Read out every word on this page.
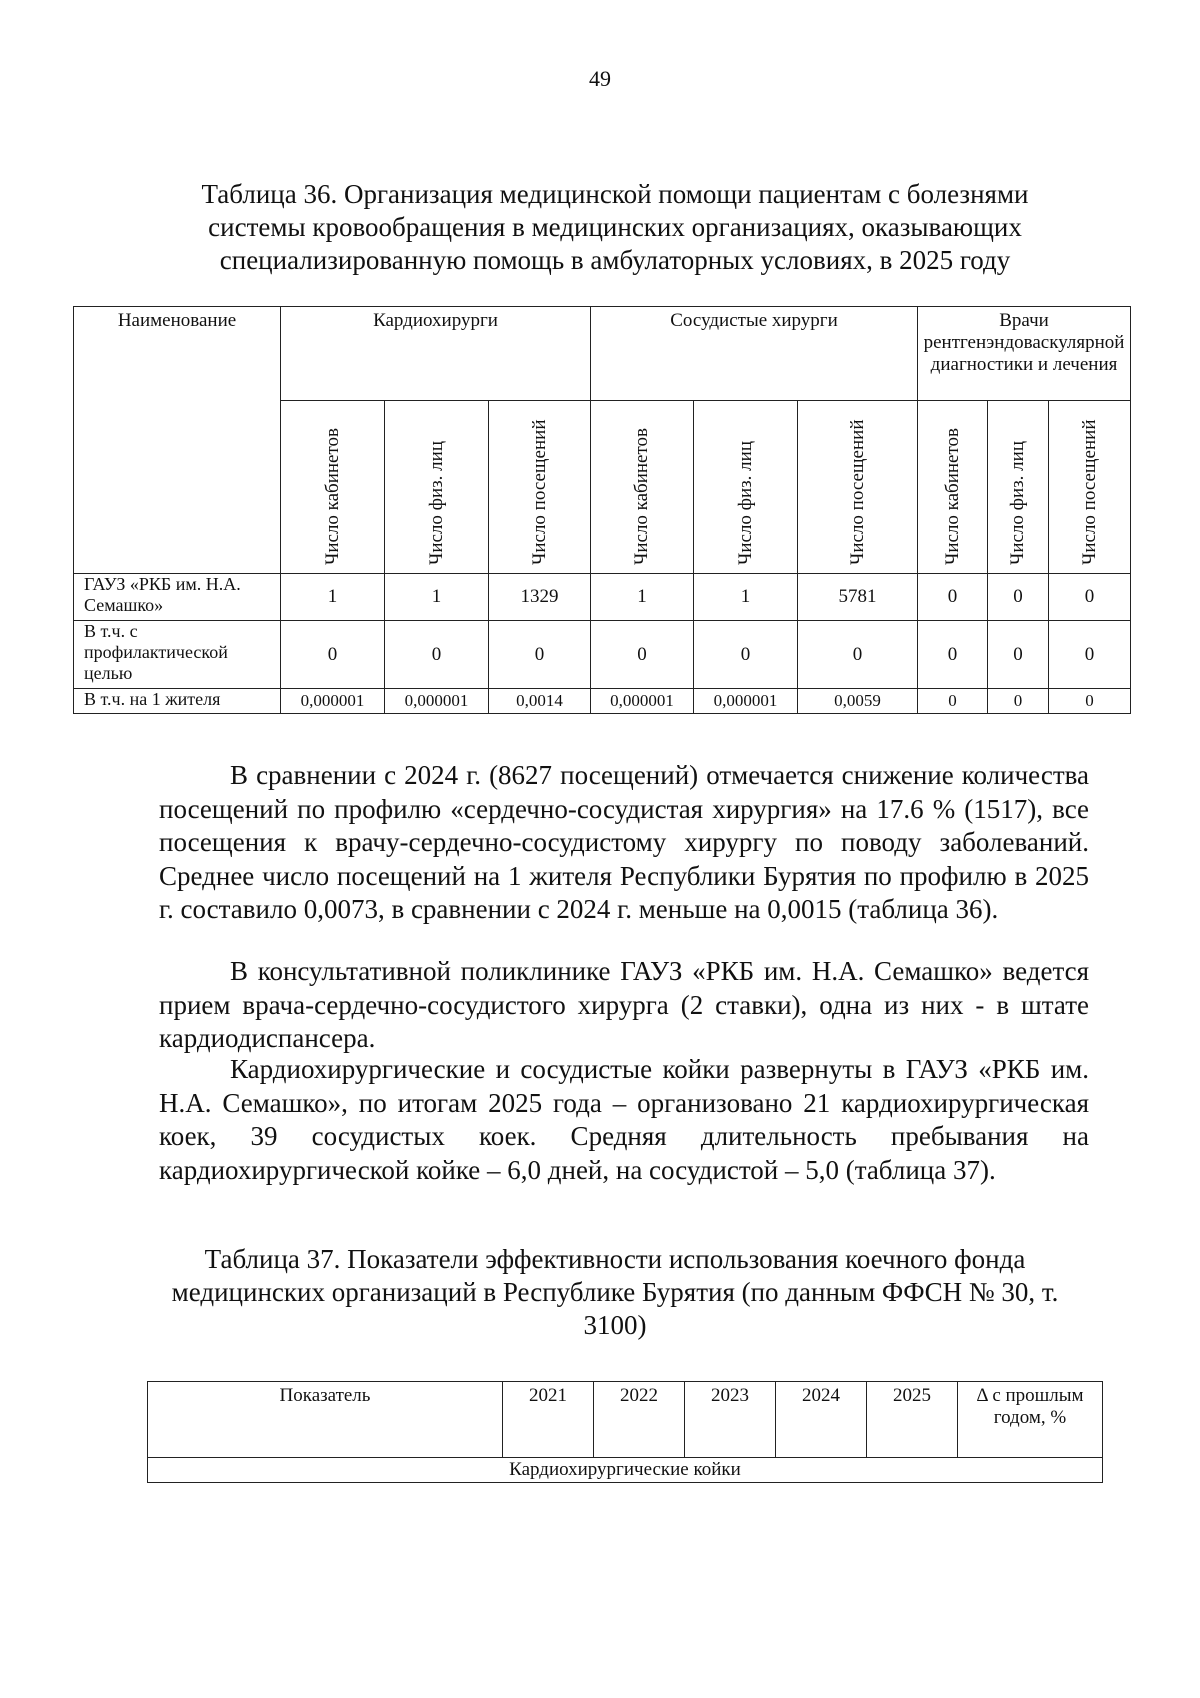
49
Таблица 36. Организация медицинской помощи пациентам с болезнями системы кровообращения в медицинских организациях, оказывающих специализированную помощь в амбулаторных условиях, в 2025 году
Наименование	Кардиохирурги			Сосудистые хирурги			Врачи рентгенэндоваскулярной диагностики и лечения		

	Число кабинетов	Число физ. лиц	Число посещений	Число кабинетов	Число физ. лиц	Число посещений	Число кабинетов	Число физ. лиц	Число посещений

ГАУЗ «РКБ им. Н.А. Семашко»	1	1	1329	1	1	5781	0	0	0
В т.ч. с профилактической целью	0	0	0	0	0	0	0	0	0
В т.ч. на 1 жителя	0,000001	0,000001	0,0014	0,000001	0,000001	0,0059	0	0	0
В сравнении с 2024 г. (8627 посещений) отмечается снижение количества посещений по профилю «сердечно-сосудистая хирургия» на 17.6 % (1517), все посещения к врачу-сердечно-сосудистому хирургу по поводу заболеваний. Среднее число посещений на 1 жителя Республики Бурятия по профилю в 2025 г. составило 0,0073, в сравнении с 2024 г. меньше на 0,0015 (таблица 36).
В консультативной поликлинике ГАУЗ «РКБ им. Н.А. Семашко» ведется прием врача-сердечно-сосудистого хирурга (2 ставки), одна из них - в штате кардиодиспансера.
Кардиохирургические и сосудистые койки развернуты в ГАУЗ «РКБ им. Н.А. Семашко», по итогам 2025 года – организовано 21 кардиохирургическая коек, 39 сосудистых коек. Средняя длительность пребывания на кардиохирургической койке – 6,0 дней, на сосудистой – 5,0 (таблица 37).
Таблица 37. Показатели эффективности использования коечного фонда медицинских организаций в Республике Бурятия (по данным ФФСН № 30, т. 3100)
Показатель	2021	2022	2023	2024	2025	Δ с прошлым годом, %
Кардиохирургические койки
